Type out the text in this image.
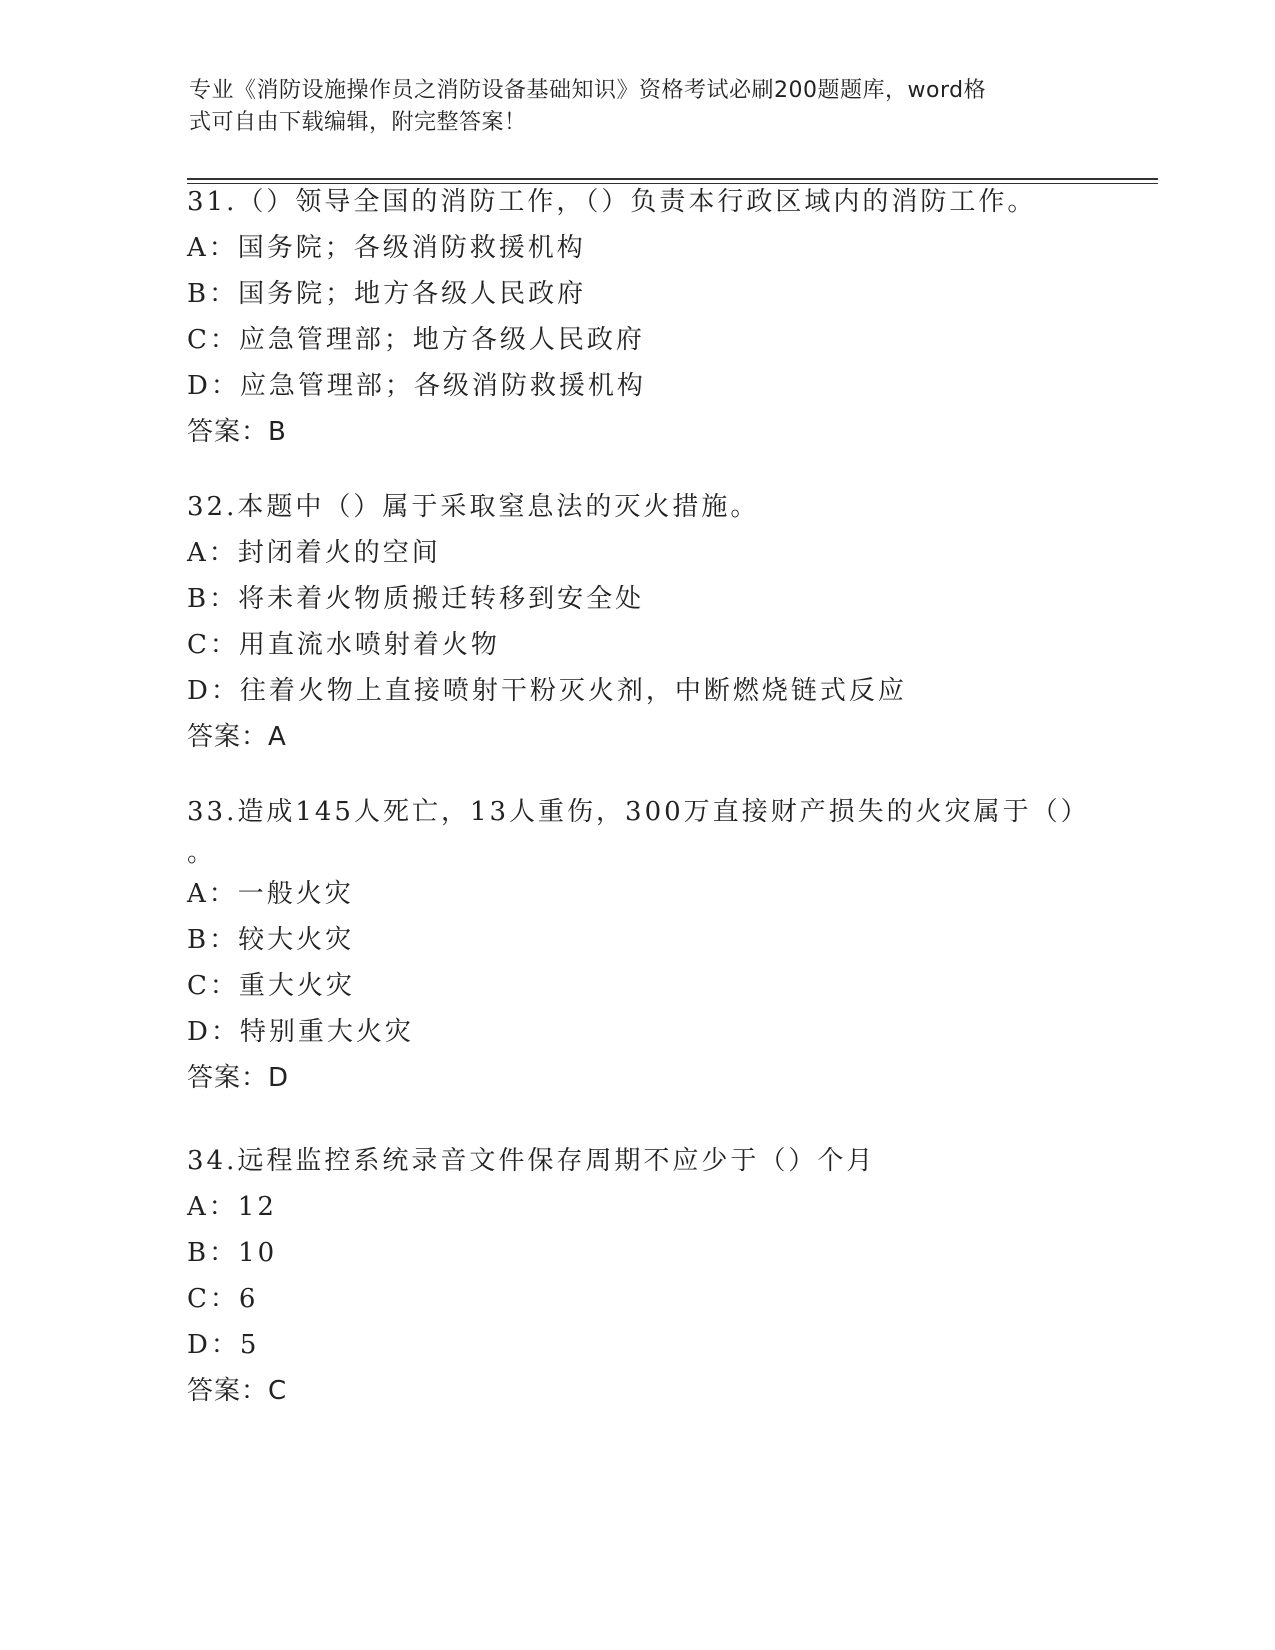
专业《消防设施操作员之消防设备基础知识》资格考试必刷200题题库，word格
式可自由下载编辑，附完整答案！
31.（）领导全国的消防工作，（）负责本行政区域内的消防工作。
A：国务院；各级消防救援机构
B：国务院；地方各级人民政府
C：应急管理部；地方各级人民政府
D：应急管理部；各级消防救援机构
答案：B
32.本题中（）属于采取窒息法的灭火措施。
A：封闭着火的空间
B：将未着火物质搬迁转移到安全处
C：用直流水喷射着火物
D：往着火物上直接喷射干粉灭火剂，中断燃烧链式反应
答案：A
33.造成145人死亡，13人重伤，300万直接财产损失的火灾属于（）
。
A：一般火灾
B：较大火灾
C：重大火灾
D：特别重大火灾
答案：D
34.远程监控系统录音文件保存周期不应少于（）个月
A：12
B：10
C：6
D：5
答案：C
